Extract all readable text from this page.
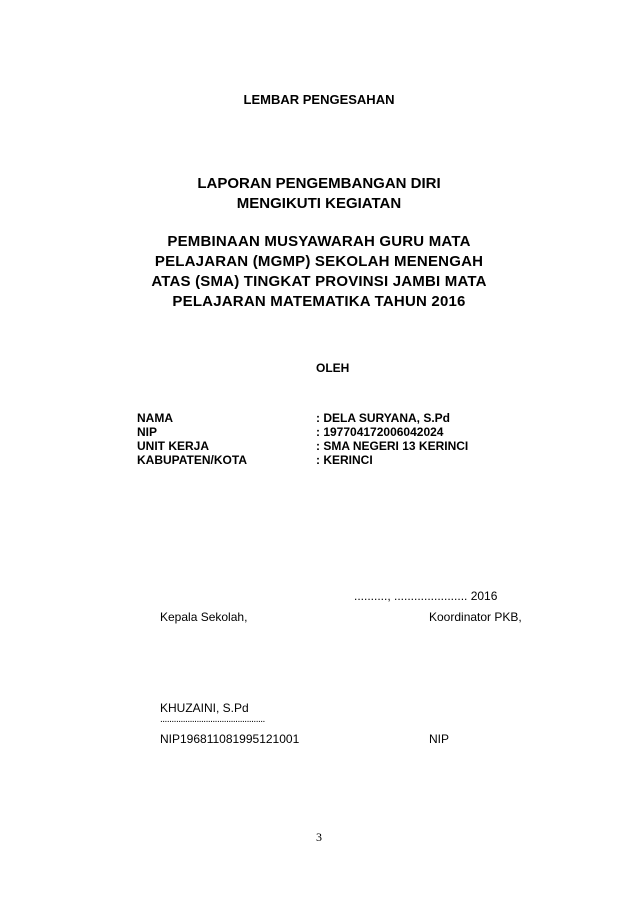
LEMBAR PENGESAHAN
LAPORAN PENGEMBANGAN DIRI
MENGIKUTI KEGIATAN
PEMBINAAN MUSYAWARAH GURU MATA
PELAJARAN (MGMP) SEKOLAH MENENGAH
ATAS (SMA) TINGKAT PROVINSI JAMBI MATA
PELAJARAN MATEMATIKA TAHUN 2016
OLEH
NAMA	: DELA SURYANA, S.Pd
NIP	: 197704172006042024
UNIT KERJA	: SMA NEGERI 13 KERINCI
KABUPATEN/KOTA	: KERINCI
.........., ...................... 2016
Kepala Sekolah,	Koordinator PKB,
KHUZAINI, S.Pd
..............................................
NIP196811081995121001	NIP
3
